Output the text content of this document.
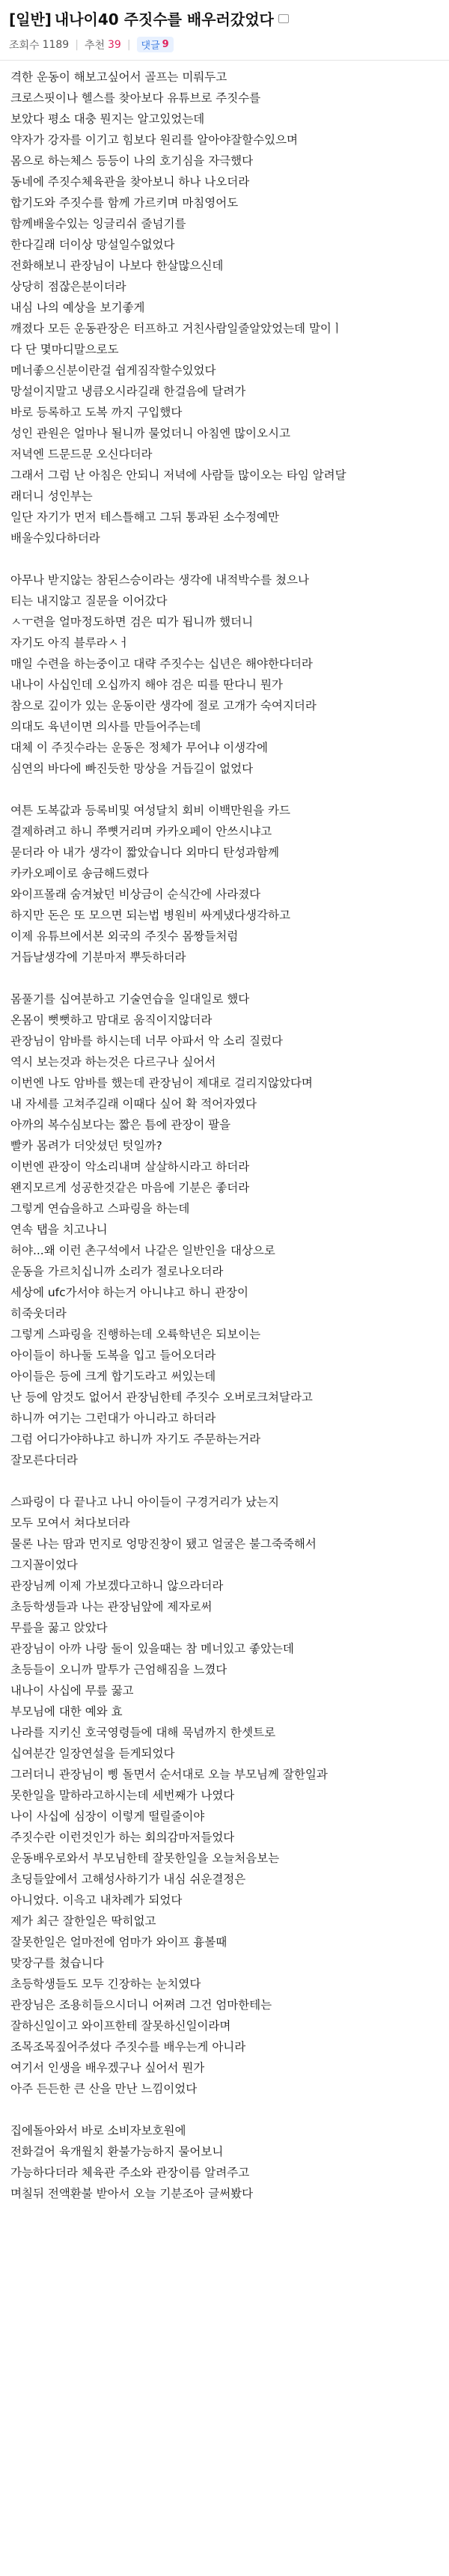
[일반] 내나이40 주짓수를 배우러갔었다
조회수 1189 | 추천 39 | 댓글 9
격한 운동이 해보고싶어서 골프는 미뤄두고
크로스핏이나 헬스를 찾아보다 유튜브로 주짓수를
보았다 평소 대충 뭔지는 알고있었는데
약자가 강자를 이기고 힘보다 원리를 알아야잘할수있으며
몸으로 하는체스 등등이 나의 호기심을 자극했다
동네에 주짓수체육관을 찾아보니 하나 나오더라
합기도와 주짓수를 함께 가르키며 마침영어도
함께배울수있는 잉글리쉬 줄넘기를
한다길래 더이상 망설일수없었다
전화해보니 관장님이 나보다 한살많으신데
상당히 점잖은분이더라
내심 나의 예상을 보기좋게
깨졌다 모든 운동관장은 터프하고 거친사람일줄알았었는데 말이ㅣ
다 단 몇마디말으로도
메너좋으신분이란걸 쉽게짐작할수있었다
망설이지말고 냉큼오시라길래 한걸음에 달려가
바로 등록하고 도복 까지 구입했다
성인 관원은 얼마나 될니까 물었더니 아침엔 많이오시고
저녁엔 드문드문 오신다더라
그래서 그럼 난 아침은 안되니 저녁에 사람들 많이오는 타임 알려달
래더니 성인부는
일단 자기가 먼저 테스틀해고 그뒤 통과된 소수정예만
배울수있다하더라
아무나 받지않는 참된스승이라는 생각에 내적박수를 쳤으나
티는 내지않고 질문을 이어갔다
ㅅㅜ련을 얼마정도하면 검은 띠가 됩니까 했더니
자기도 아직 블루라ㅅㅓ
매일 수련을 하는중이고 대략 주짓수는 십년은 해야한다더라
내나이 사십인데 오십까지 해야 검은 띠를 딴다니 뭔가
참으로 깊이가 있는 운동이란 생각에 절로 고개가 숙여지더라
의대도 육년이면 의사를 만들어주는데
대체 이 주짓수라는 운동은 정체가 무어냐 이생각에
심연의 바다에 빠진듯한 망상을 거듭길이 없었다
여튼 도복값과 등록비및 여성달치 회비 이백만원을 카드
결제하려고 하니 쭈뼛거리며 카카오페이 안쓰시냐고
묻더라 아 내가 생각이 짧았습니다 외마디 탄성과함께
카카오페이로 송금해드렸다
와이프몰래 숨겨놨던 비상금이 순식간에 사라졌다
하지만 돈은 또 모으면 되는법 병원비 싸게냈다생각하고
이제 유튜브에서본 외국의 주짓수 몸짱들처럼
거듭날생각에 기분마저 뿌듯하더라
몸풀기를 십여분하고 기술연습을 일대일로 했다
온몸이 뻣뻣하고 맘대로 움직이지않더라
관장님이 암바를 하시는데 너무 아파서 악 소리 질렀다
역시 보는것과 하는것은 다르구나 싶어서
이번엔 나도 암바를 했는데 관장님이 제대로 걸리지않았다며
내 자세를 고쳐주길래 이때다 싶어 확 적어자였다
아까의 복수심보다는 짧은 틈에 관장이 팔을
빨카 몸려가 더앗셨던 텃일까?
이번엔 관장이 악소리내며 살살하시라고 하더라
왠지모르게 성공한것같은 마음에 기분은 좋더라
그렇게 연습을하고 스파링을 하는데
연속 탭을 치고나니
허야...왜 이런 촌구석에서 나같은 일반인을 대상으로
운동을 가르치십니까 소리가 절로나오더라
세상에 ufc가서야 하는거 아니냐고 하니 관장이
히죽웃더라
그렇게 스파링을 진행하는데 오륙학년은 되보이는
아이들이 하나둘 도복을 입고 들어오더라
아이들은 등에 크게 합기도라고 써있는데
난 등에 암것도 없어서 관장님한테 주짓수 오버로크쳐달라고
하니까 여기는 그런대가 아니라고 하더라
그럼 어디가야하냐고 하니까 자기도 주문하는거라
잘모른다더라
스파링이 다 끝나고 나니 아이들이 구경거리가 났는지
모두 모여서 쳐다보더라
물론 나는 땀과 먼지로 엉망진창이 됐고 얼굴은 불그죽죽해서
그지꼴이었다
관장님께 이제 가보겠다고하니 않으라더라
초등학생들과 나는 관장님앞에 제자로써
무릎을 꿇고 앉았다
관장님이 아까 나랑 둘이 있을때는 참 메너있고 좋았는데
초등들이 오니까 말투가 근엄해짐을 느꼈다
내나이 사십에 무릎 꿇고
부모님에 대한 예와 효
나라를 지키신 호국영령들에 대해 묵념까지 한셋트로
십여분간 일장연설을 듣게되었다
그러더니 관장님이 삥 돌면서 순서대로 오늘 부모님께 잘한일과
못한일을 말하라고하시는데 세번째가 나였다
나이 사십에 심장이 이렇게 떨릴줄이야
주짓수란 이런것인가 하는 회의감마저들었다
운동배우로와서 부모님한테 잘못한일을 오늘처음보는
초딩들앞에서 고해성사하기가 내심 쉬운결정은
아니었다. 이윽고 내차례가 되었다
제가 최근 잘한일은 딱히없고
잘못한일은 얼마전에 엄마가 와이프 흉볼때
맞장구를 쳤습니다
초등학생들도 모두 긴장하는 눈치였다
관장님은 조용히들으시더니 어쩌려 그건 엄마한테는
잘하신일이고 와이프한테 잘못하신일이라며
조목조목짚어주셨다 주짓수를 배우는게 아니라
여기서 인생을 배우겠구나 싶어서 뭔가
아주 든든한 큰 산을 만난 느낌이었다
집에돌아와서 바로 소비자보호원에
전화걸어 육개월치 환불가능하지 물어보니
가능하다더라 체육관 주소와 관장이름 알려주고
며칠뒤 전액환불 받아서 오늘 기분조아 글써봤다
